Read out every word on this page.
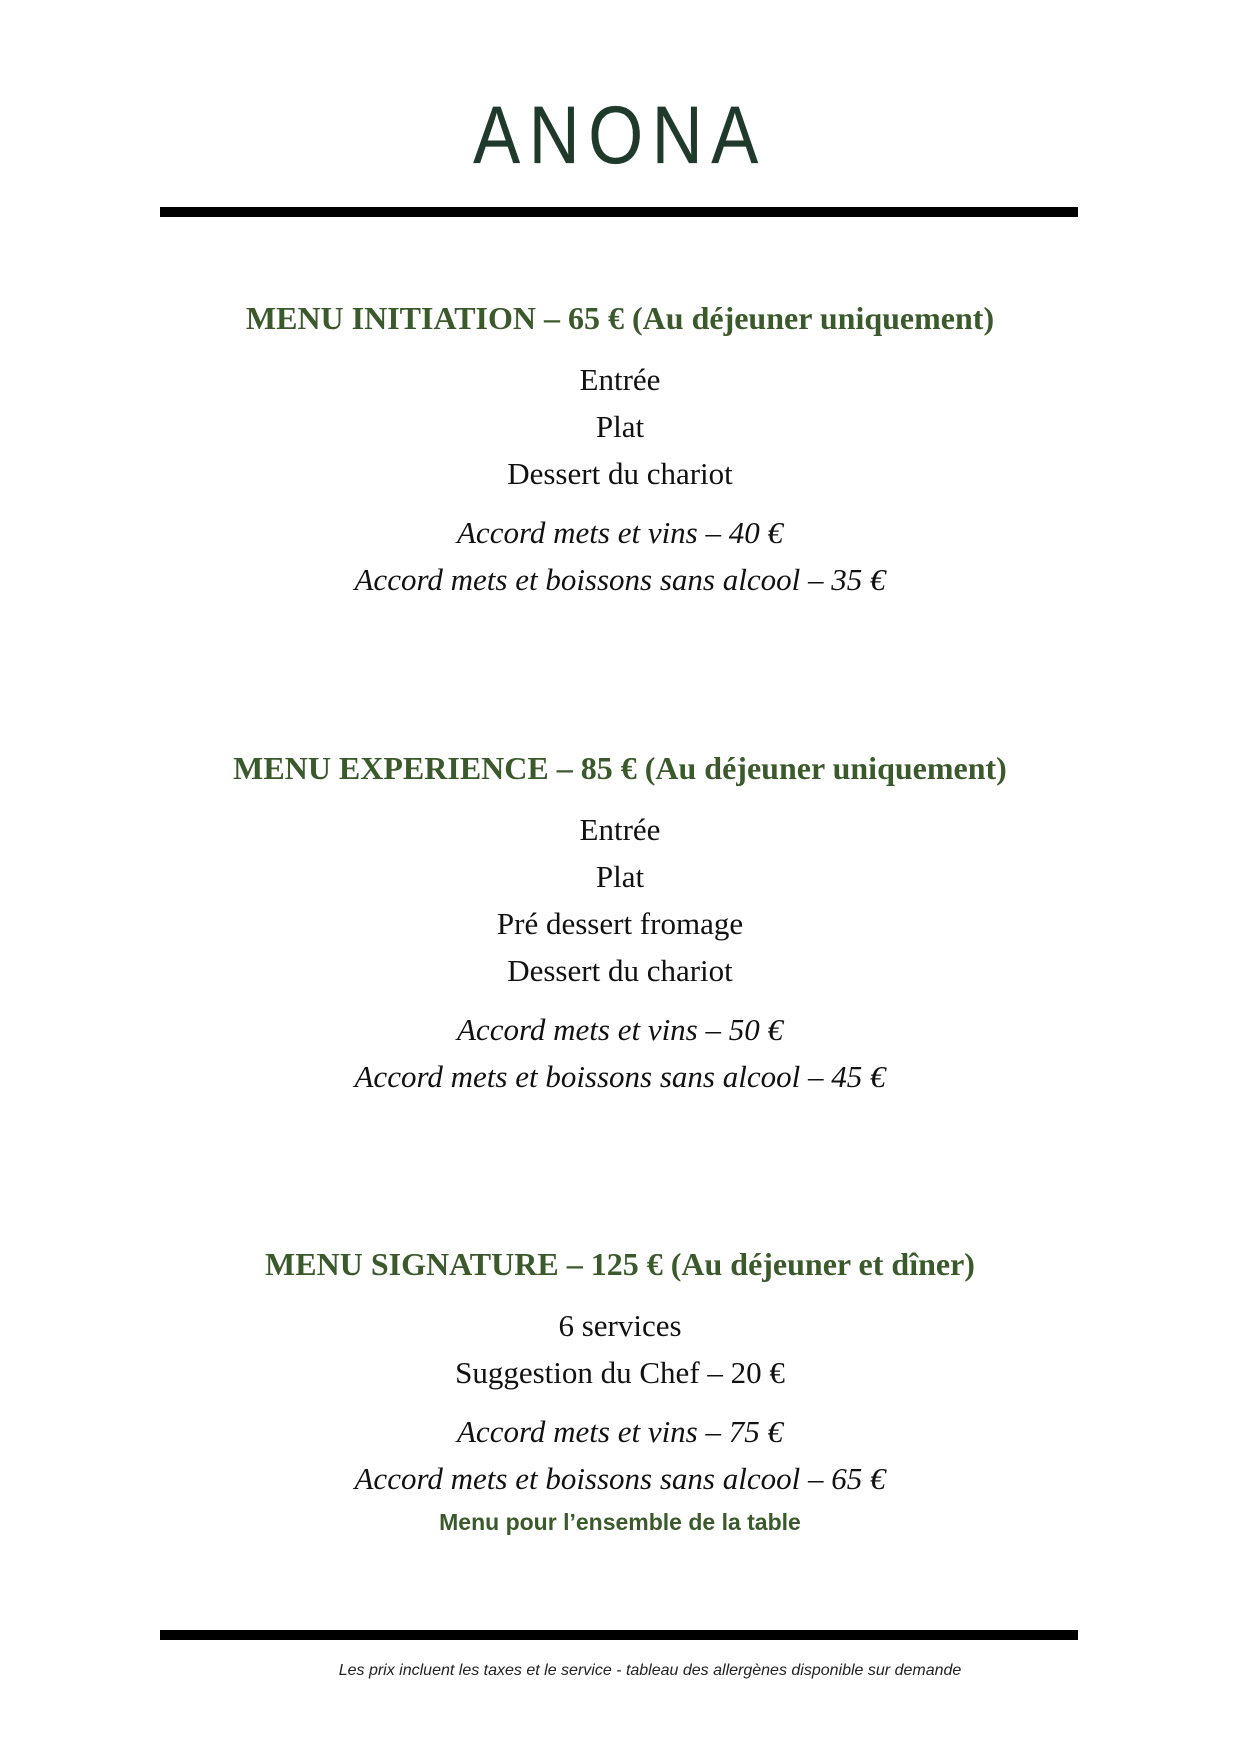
ANONA
MENU INITIATION – 65 € (Au déjeuner uniquement)
Entrée
Plat
Dessert du chariot
Accord mets et vins – 40 €
Accord mets et boissons sans alcool – 35 €
MENU EXPERIENCE – 85 € (Au déjeuner uniquement)
Entrée
Plat
Pré dessert fromage
Dessert du chariot
Accord mets et vins – 50 €
Accord mets et boissons sans alcool – 45 €
MENU SIGNATURE – 125 € (Au déjeuner et dîner)
6 services
Suggestion du Chef – 20 €
Accord mets et vins – 75 €
Accord mets et boissons sans alcool – 65 €
Menu pour l’ensemble de la table
Les prix incluent les taxes et le service - tableau des allergènes disponible sur demande
